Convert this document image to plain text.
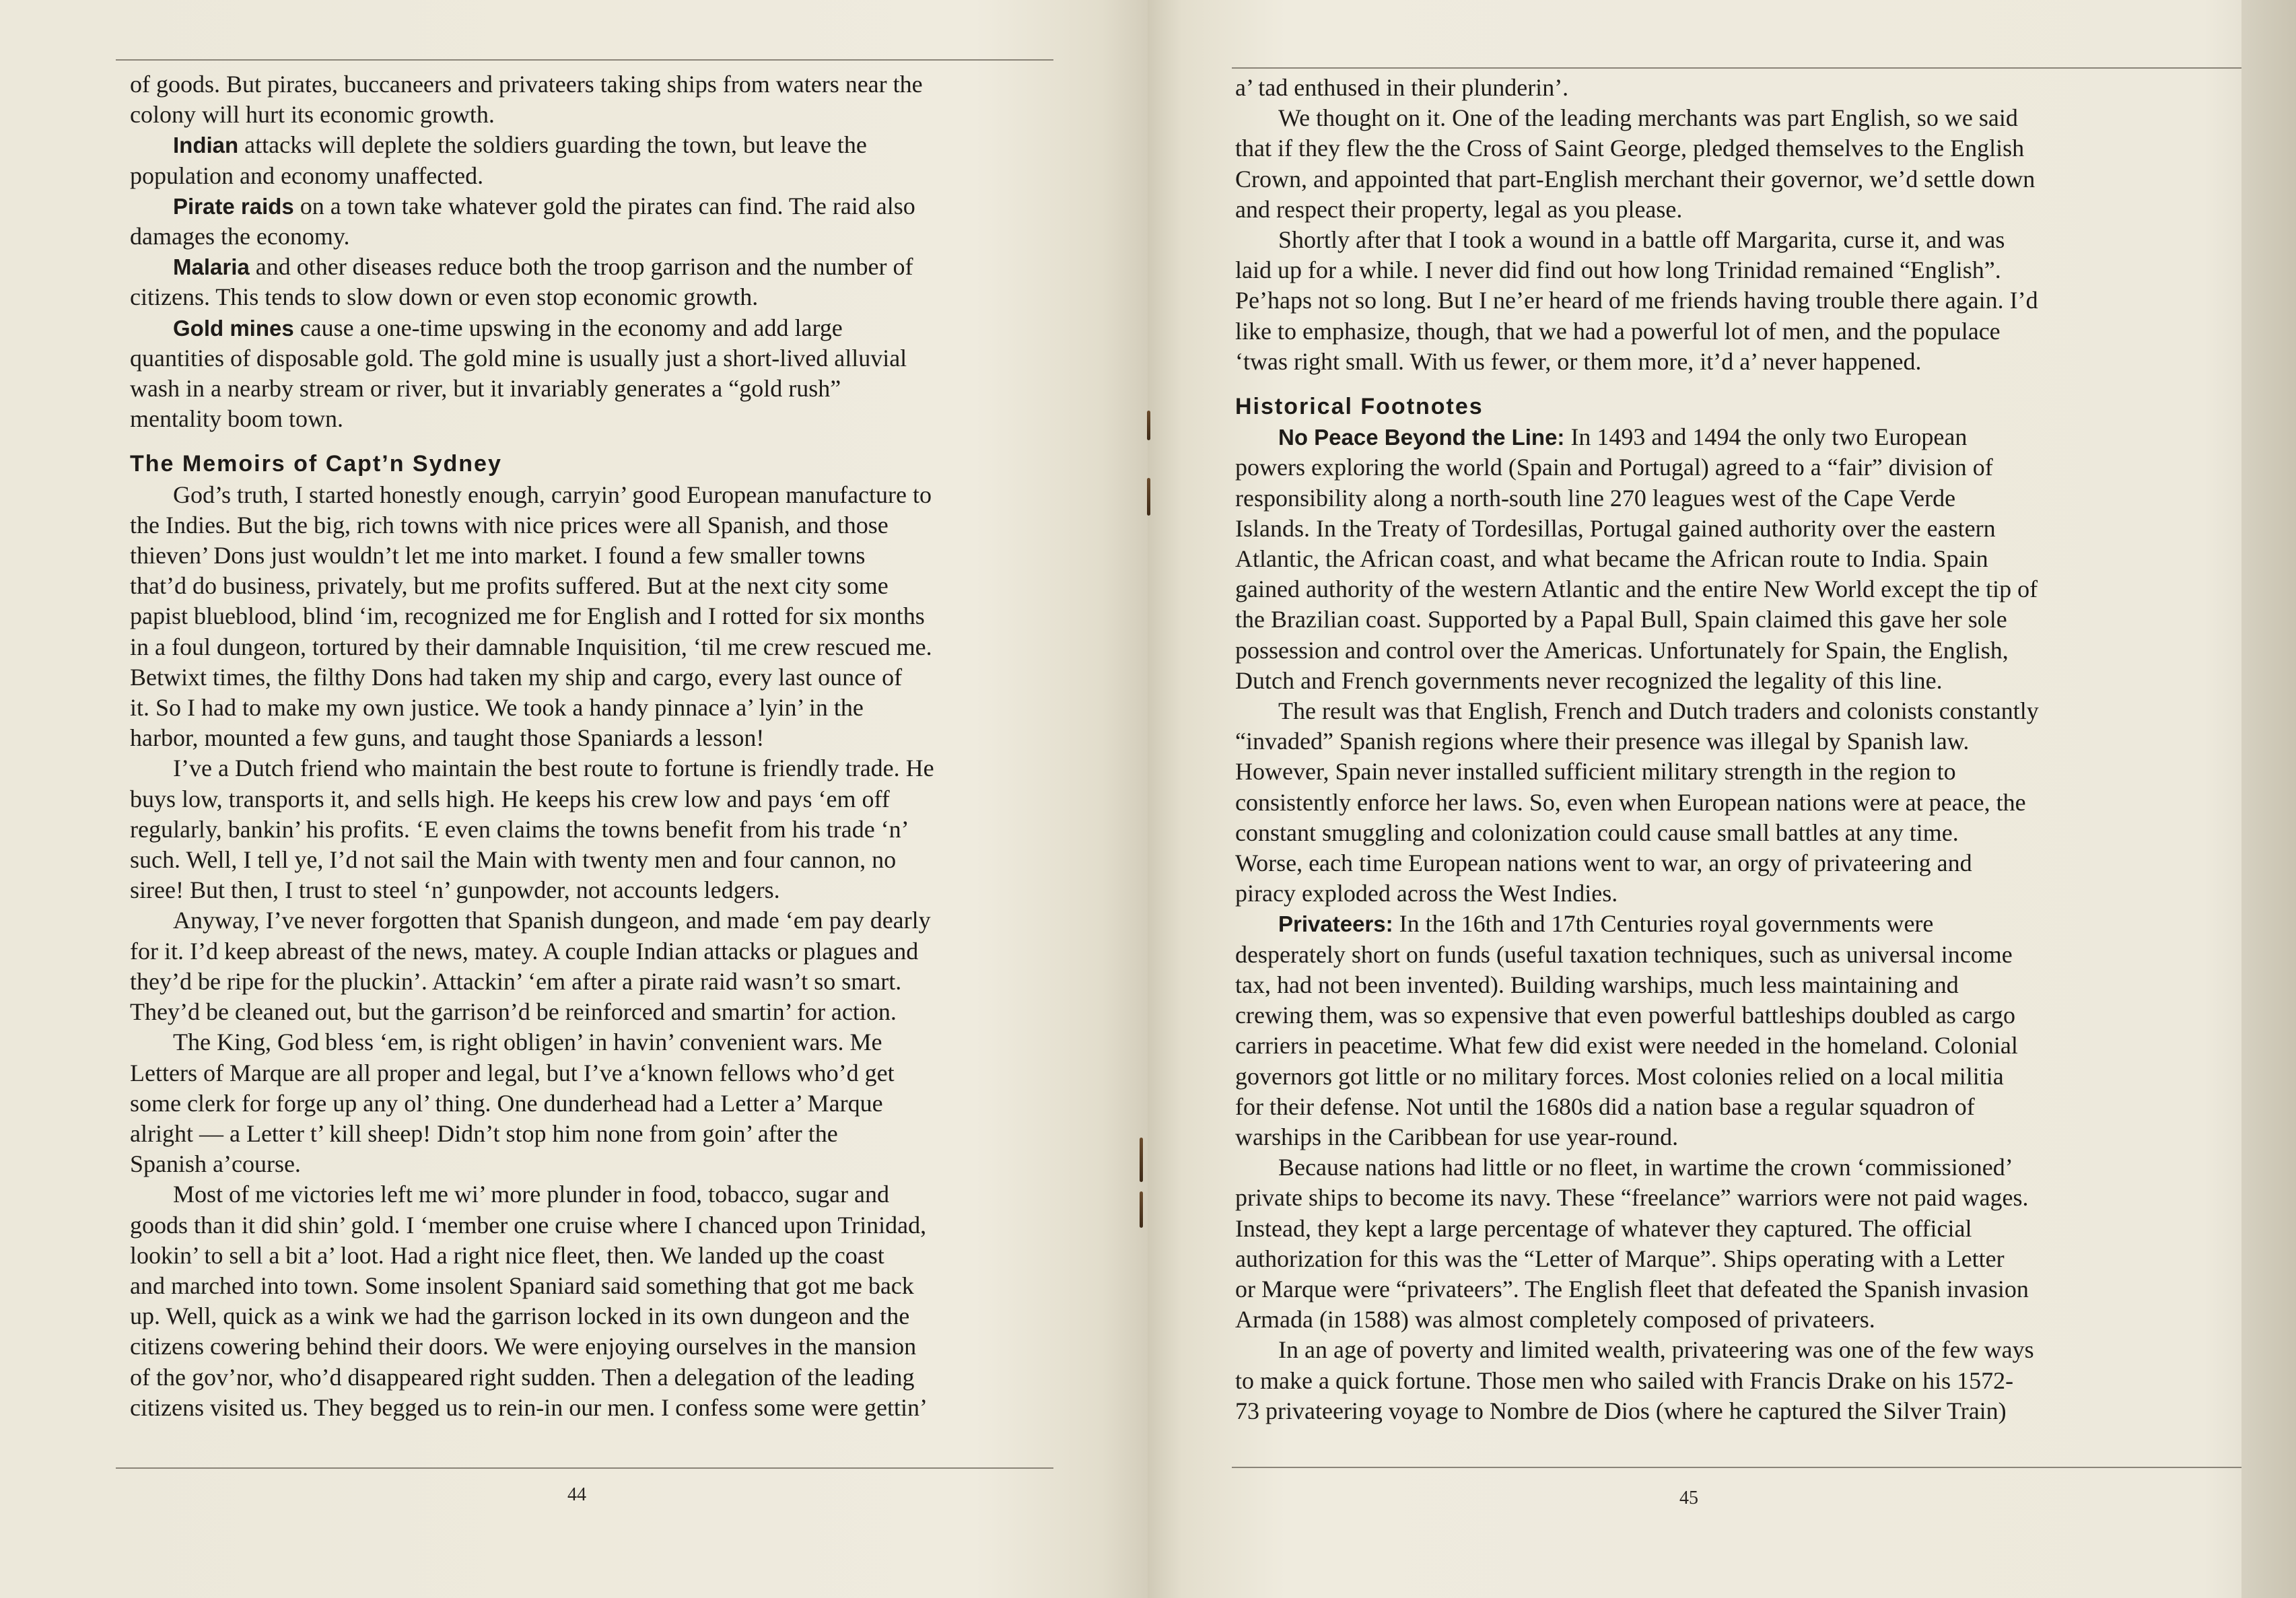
of goods. But pirates, buccaneers and privateers taking ships from waters near the
colony will hurt its economic growth.
Indian attacks will deplete the soldiers guarding the town, but leave the
population and economy unaffected.
Pirate raids on a town take whatever gold the pirates can find. The raid also
damages the economy.
Malaria and other diseases reduce both the troop garrison and the number of
citizens. This tends to slow down or even stop economic growth.
Gold mines cause a one-time upswing in the economy and add large
quantities of disposable gold. The gold mine is usually just a short-lived alluvial
wash in a nearby stream or river, but it invariably generates a “gold rush”
mentality boom town.
The Memoirs of Capt’n Sydney
God’s truth, I started honestly enough, carryin’ good European manufacture to
the Indies. But the big, rich towns with nice prices were all Spanish, and those
thieven’ Dons just wouldn’t let me into market. I found a few smaller towns
that’d do business, privately, but me profits suffered. But at the next city some
papist blueblood, blind ‘im, recognized me for English and I rotted for six months
in a foul dungeon, tortured by their damnable Inquisition, ‘til me crew rescued me.
Betwixt times, the filthy Dons had taken my ship and cargo, every last ounce of
it. So I had to make my own justice. We took a handy pinnace a’ lyin’ in the
harbor, mounted a few guns, and taught those Spaniards a lesson!
I’ve a Dutch friend who maintain the best route to fortune is friendly trade. He
buys low, transports it, and sells high. He keeps his crew low and pays ‘em off
regularly, bankin’ his profits. ‘E even claims the towns benefit from his trade ‘n’
such. Well, I tell ye, I’d not sail the Main with twenty men and four cannon, no
siree! But then, I trust to steel ‘n’ gunpowder, not accounts ledgers.
Anyway, I’ve never forgotten that Spanish dungeon, and made ‘em pay dearly
for it. I’d keep abreast of the news, matey. A couple Indian attacks or plagues and
they’d be ripe for the pluckin’. Attackin’ ‘em after a pirate raid wasn’t so smart.
They’d be cleaned out, but the garrison’d be reinforced and smartin’ for action.
The King, God bless ‘em, is right obligen’ in havin’ convenient wars. Me
Letters of Marque are all proper and legal, but I’ve a‘known fellows who’d get
some clerk for forge up any ol’ thing. One dunderhead had a Letter a’ Marque
alright — a Letter t’ kill sheep! Didn’t stop him none from goin’ after the
Spanish a’course.
Most of me victories left me wi’ more plunder in food, tobacco, sugar and
goods than it did shin’ gold. I ‘member one cruise where I chanced upon Trinidad,
lookin’ to sell a bit a’ loot. Had a right nice fleet, then. We landed up the coast
and marched into town. Some insolent Spaniard said something that got me back
up. Well, quick as a wink we had the garrison locked in its own dungeon and the
citizens cowering behind their doors. We were enjoying ourselves in the mansion
of the gov’nor, who’d disappeared right sudden. Then a delegation of the leading
citizens visited us. They begged us to rein-in our men. I confess some were gettin’
44
a’ tad enthused in their plunderin’.
We thought on it. One of the leading merchants was part English, so we said
that if they flew the the Cross of Saint George, pledged themselves to the English
Crown, and appointed that part-English merchant their governor, we’d settle down
and respect their property, legal as you please.
Shortly after that I took a wound in a battle off Margarita, curse it, and was
laid up for a while. I never did find out how long Trinidad remained “English”.
Pe’haps not so long. But I ne’er heard of me friends having trouble there again. I’d
like to emphasize, though, that we had a powerful lot of men, and the populace
‘twas right small. With us fewer, or them more, it’d a’ never happened.
Historical Footnotes
No Peace Beyond the Line: In 1493 and 1494 the only two European
powers exploring the world (Spain and Portugal) agreed to a “fair” division of
responsibility along a north-south line 270 leagues west of the Cape Verde
Islands. In the Treaty of Tordesillas, Portugal gained authority over the eastern
Atlantic, the African coast, and what became the African route to India. Spain
gained authority of the western Atlantic and the entire New World except the tip of
the Brazilian coast. Supported by a Papal Bull, Spain claimed this gave her sole
possession and control over the Americas. Unfortunately for Spain, the English,
Dutch and French governments never recognized the legality of this line.
The result was that English, French and Dutch traders and colonists constantly
“invaded” Spanish regions where their presence was illegal by Spanish law.
However, Spain never installed sufficient military strength in the region to
consistently enforce her laws. So, even when European nations were at peace, the
constant smuggling and colonization could cause small battles at any time.
Worse, each time European nations went to war, an orgy of privateering and
piracy exploded across the West Indies.
Privateers: In the 16th and 17th Centuries royal governments were
desperately short on funds (useful taxation techniques, such as universal income
tax, had not been invented). Building warships, much less maintaining and
crewing them, was so expensive that even powerful battleships doubled as cargo
carriers in peacetime. What few did exist were needed in the homeland. Colonial
governors got little or no military forces. Most colonies relied on a local militia
for their defense. Not until the 1680s did a nation base a regular squadron of
warships in the Caribbean for use year-round.
Because nations had little or no fleet, in wartime the crown ‘commissioned’
private ships to become its navy. These “freelance” warriors were not paid wages.
Instead, they kept a large percentage of whatever they captured. The official
authorization for this was the “Letter of Marque”. Ships operating with a Letter
or Marque were “privateers”. The English fleet that defeated the Spanish invasion
Armada (in 1588) was almost completely composed of privateers.
In an age of poverty and limited wealth, privateering was one of the few ways
to make a quick fortune. Those men who sailed with Francis Drake on his 1572-
73 privateering voyage to Nombre de Dios (where he captured the Silver Train)
45
